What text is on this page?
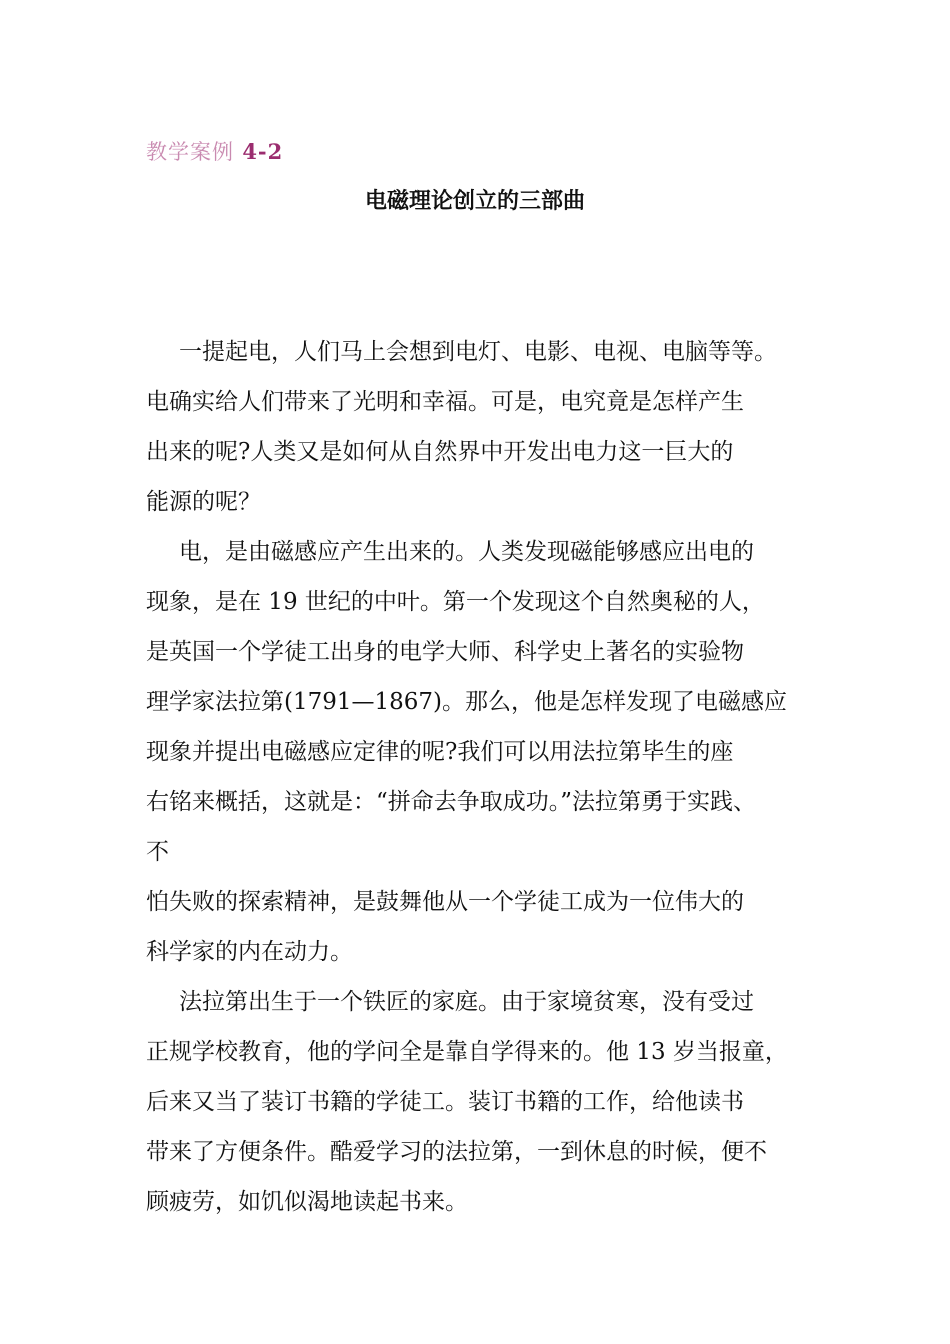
教学案例 4-2
电磁理论创立的三部曲
一提起电，人们马上会想到电灯、电影、电视、电脑等等。
电确实给人们带来了光明和幸福。可是，电究竟是怎样产生
出来的呢?人类又是如何从自然界中开发出电力这一巨大的
能源的呢？
电，是由磁感应产生出来的。人类发现磁能够感应出电的
现象，是在 19 世纪的中叶。第一个发现这个自然奥秘的人，
是英国一个学徒工出身的电学大师、科学史上著名的实验物
理学家法拉第(1791—1867)。那么，他是怎样发现了电磁感应
现象并提出电磁感应定律的呢?我们可以用法拉第毕生的座
右铭来概括，这就是：“拼命去争取成功。”法拉第勇于实践、
不
怕失败的探索精神，是鼓舞他从一个学徒工成为一位伟大的
科学家的内在动力。
法拉第出生于一个铁匠的家庭。由于家境贫寒，没有受过
正规学校教育，他的学问全是靠自学得来的。他 13 岁当报童，
后来又当了装订书籍的学徒工。装订书籍的工作，给他读书
带来了方便条件。酷爱学习的法拉第，一到休息的时候，便不
顾疲劳，如饥似渴地读起书来。
